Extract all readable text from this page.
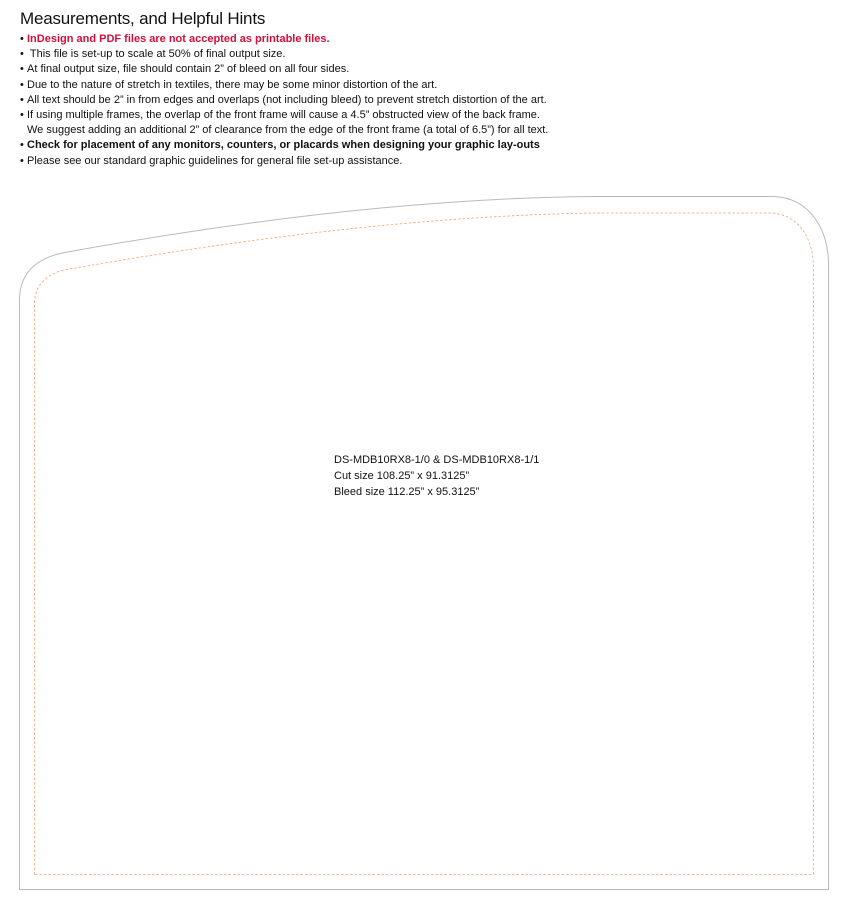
Measurements, and Helpful Hints
• InDesign and PDF files are not accepted as printable files.
• This file is set-up to scale at 50% of final output size.
• At final output size, file should contain 2” of bleed on all four sides.
• Due to the nature of stretch in textiles, there may be some minor distortion of the art.
• All text should be 2” in from edges and overlaps (not including bleed) to prevent stretch distortion of the art.
• If using multiple frames, the overlap of the front frame will cause a 4.5” obstructed view of the back frame.
We suggest adding an additional 2” of clearance from the edge of the front frame (a total of 6.5”) for all text.
• Check for placement of any monitors, counters, or placards when designing your graphic lay-outs
• Please see our standard graphic guidelines for general file set-up assistance.
DS-MDB10RX8-1/0 & DS-MDB10RX8-1/1
Cut size 108.25” x 91.3125”
Bleed size 112.25” x 95.3125”
